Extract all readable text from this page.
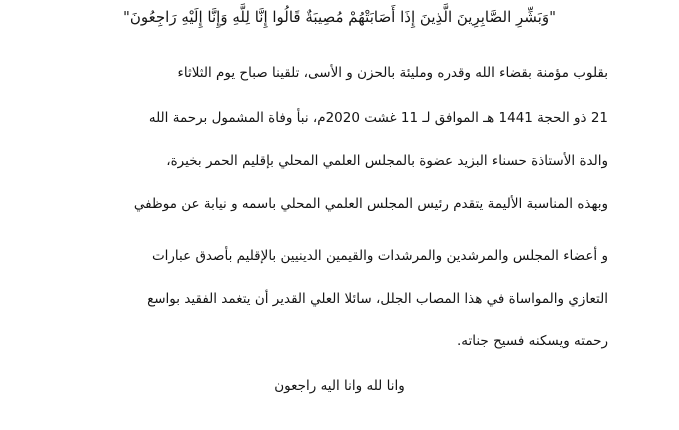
"وَبَشِّرِ الصَّابِرِينَ الَّذِينَ إِذَا أَصَابَتْهُمْ مُصِيبَةٌ قَالُوا إِنَّا لِلَّهِ وَإِنَّا إِلَيْهِ رَاجِعُونَ"
بقلوب مؤمنة بقضاء الله وقدره ومليئة بالحزن و الأسى، تلقينا صباح يوم الثلاثاء
21 ذو الحجة 1441 هـ الموافق لـ 11 غشت 2020م، نبأ وفاة المشمول برحمة الله
والدة الأستاذة حسناء البزيد عضوة بالمجلس العلمي المحلي بإقليم الحمر بخيرة،
وبهذه المناسبة الأليمة يتقدم رئيس المجلس العلمي المحلي باسمه و نيابة عن موظفي
و أعضاء المجلس والمرشدين والمرشدات والقيمين الدينيين بالإقليم بأصدق عبارات
التعازي والمواساة في هذا المصاب الجلل، سائلا العلي القدير أن يتغمد الفقيد بواسع
رحمته ويسكنه فسيح جناته.
وانا لله وانا اليه راجعون
